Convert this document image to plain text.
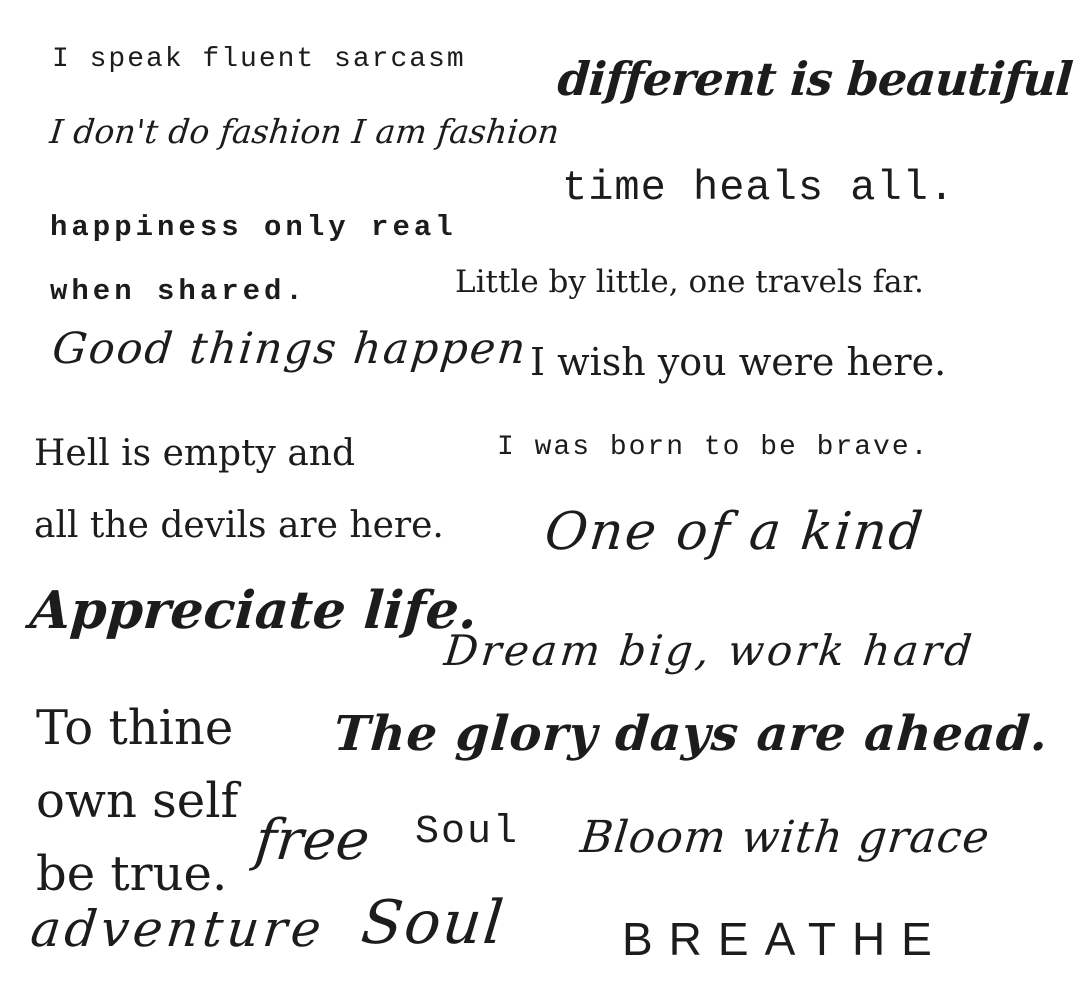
I speak fluent sarcasm different is beautiful
I don't do fashion I am fashion
time heals all.
happiness only real
when shared.	Little by little, one travels far.
Good things happen I wish you were here.
Hell is empty and
all the devils are here.
I was born to be brave.
One of a kind
Appreciate life.
Dream big, work hard
To thine
own self
be true.
The glory days are ahead.
free Soul Bloom with grace
adventure Soul BREATHE
